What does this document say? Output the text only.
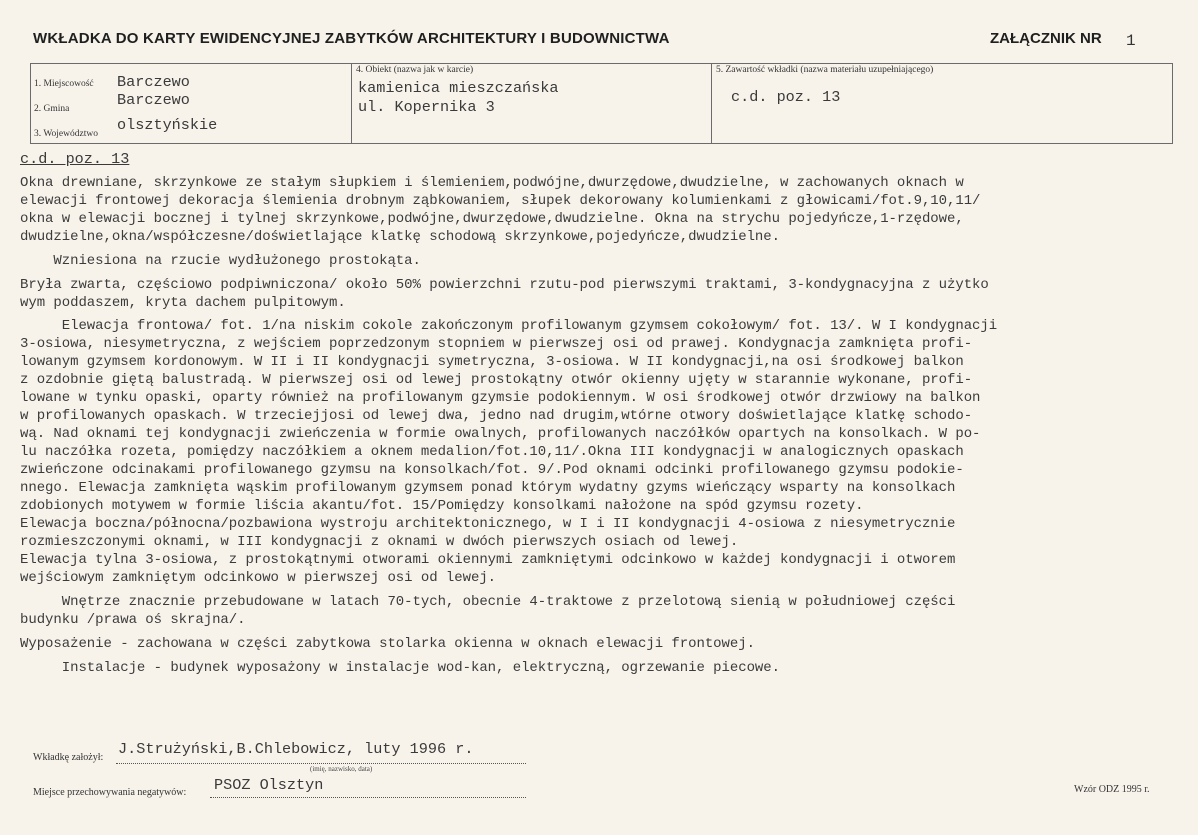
WKŁADKA DO KARTY EWIDENCYJNEJ ZABYTKÓW ARCHITEKTURY I BUDOWNICTWA	ZAŁĄCZNIK NR 1
1. Miejscowość Barczewo
2. Gmina	Barczewo
3. Województwo olsztyńskie
4. Obiekt (nazwa jak w karcie)
kamienica mieszczańska
ul. Kopernika 3
5. Zawartość wkładki (nazwa materiału uzupełniającego)
c.d. poz. 13
c.d. poz. 13
Okna drewniane, skrzynkowe ze stałym słupkiem i ślemieniem,podwójne,dwurzędowe,dwudzielne, w zachowanych oknach w
elewacji frontowej dekoracja ślemienia drobnym ząbkowaniem, słupek dekorowany kolumienkami z głowicami/fot.9,10,11/
okna w elewacji bocznej i tylnej skrzynkowe,podwójne,dwurzędowe,dwudzielne. Okna na strychu pojedyńcze,1-rzędowe,
dwudzielne,okna/współczesne/doświetlające klatkę schodową skrzynkowe,pojedyńcze,dwudzielne.
Wzniesiona na rzucie wydłużonego prostokąta.
Bryła zwarta, częściowo podpiwniczona/ około 50% powierzchni rzutu-pod pierwszymi traktami, 3-kondygnacyjna z użytko
wym poddaszem, kryta dachem pulpitowym.
Elewacja frontowa/ fot. 1/na niskim cokole zakończonym profilowanym gzymsem cokołowym/ fot. 13/. W I kondygnacji
3-osiowa, niesymetryczna, z wejściem poprzedzonym stopniem w pierwszej osi od prawej. Kondygnacja zamknięta profi-
lowanym gzymsem kordonowym. W II i II kondygnacji symetryczna, 3-osiowa. W II kondygnacji,na osi środkowej balkon
z ozdobnie giętą balustradą. W pierwszej osi od lewej prostokątny otwór okienny ujęty w starannie wykonane, profi-
lowane w tynku opaski, oparty również na profilowanym gzymsie podokiennym. W osi środkowej otwór drzwiowy na balkon
w profilowanych opaskach. W trzeciejjosi od lewej dwa, jedno nad drugim,wtórne otwory doświetlające klatkę schodo-
wą. Nad oknami tej kondygnacji zwieńczenia w formie owalnych, profilowanych naczółków opartych na konsolkach. W po-
lu naczółka rozeta, pomiędzy naczółkiem a oknem medalion/fot.10,11/.Okna III kondygnacji w analogicznych opaskach
zwieńczone odcinakami profilowanego gzymsu na konsolkach/fot. 9/.Pod oknami odcinki profilowanego gzymsu podokie-
nnego. Elewacja zamknięta wąskim profilowanym gzymsem ponad którym wydatny gzyms wieńczący wsparty na konsolkach
zdobionych motywem w formie liścia akantu/fot. 15/Pomiędzy konsolkami nałożone na spód gzymsu rozety.
Elewacja boczna/północna/pozbawiona wystroju architektonicznego, w I i II kondygnacji 4-osiowa z niesymetrycznie
rozmieszczonymi oknami, w III kondygnacji z oknami w dwóch pierwszych osiach od lewej.
Elewacja tylna 3-osiowa, z prostokątnymi otworami okiennymi zamkniętymi odcinkowo w każdej kondygnacji i otworem
wejściowym zamkniętym odcinkowo w pierwszej osi od lewej.
Wnętrze znacznie przebudowane w latach 70-tych, obecnie 4-traktowe z przelotową sienią w południowej części
budynku /prawa oś skrajna/.
Wyposażenie - zachowana w części zabytkowa stolarka okienna w oknach elewacji frontowej.
Instalacje - budynek wyposażony w instalacje wod-kan, elektryczną, ogrzewanie piecowe.
Wkładkę założył: J.Strużyński,B.Chlebowicz, luty 1996 r.
(imię, nazwisko, data)
Miejsce przechowywania negatywów: PSOZ Olsztyn	Wzór ODZ 1995 r.
